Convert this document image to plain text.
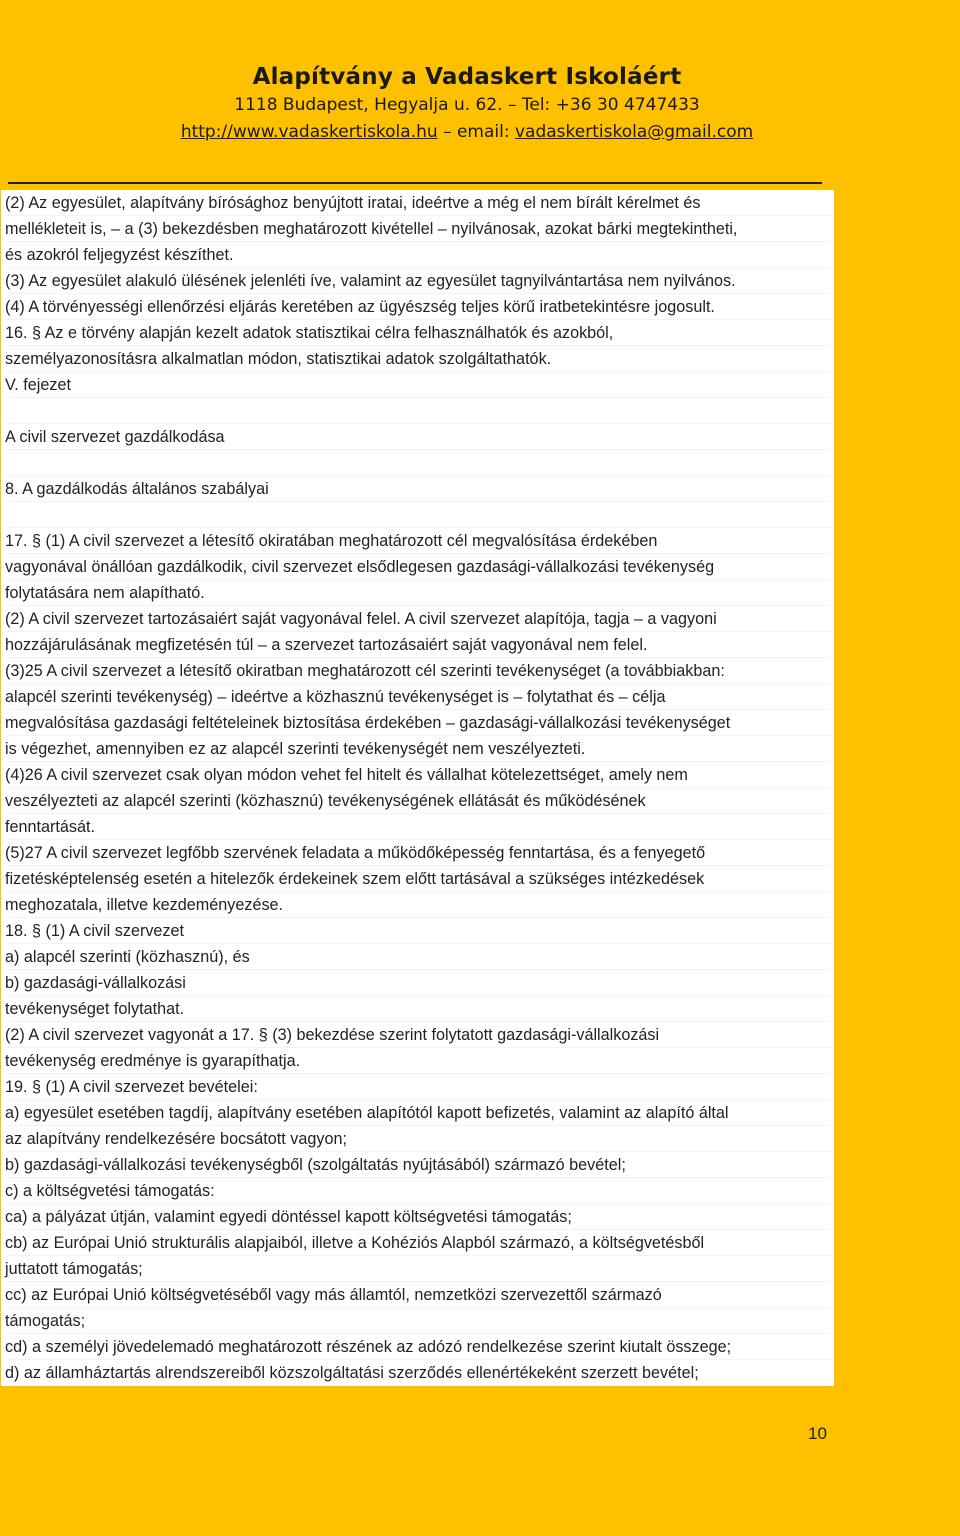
Alapítvány a Vadaskert Iskoláért
1118 Budapest, Hegyalja u. 62. – Tel: +36 30 4747433
http://www.vadaskertiskola.hu – email: vadaskertiskola@gmail.com
(2) Az egyesület, alapítvány bírósághoz benyújtott iratai, ideértve a még el nem bírált kérelmet és
mellékleteit is, – a (3) bekezdésben meghatározott kivétellel – nyilvánosak, azokat bárki megtekintheti,
és azokról feljegyzést készíthet.
(3) Az egyesület alakuló ülésének jelenléti íve, valamint az egyesület tagnyilvántartása nem nyilvános.
(4) A törvényességi ellenőrzési eljárás keretében az ügyészség teljes körű iratbetekintésre jogosult.
16. § Az e törvény alapján kezelt adatok statisztikai célra felhasználhatók és azokból,
személyazonosításra alkalmatlan módon, statisztikai adatok szolgáltathatók.
V. fejezet
A civil szervezet gazdálkodása
8. A gazdálkodás általános szabályai
17. § (1) A civil szervezet a létesítő okiratában meghatározott cél megvalósítása érdekében
vagyonával önállóan gazdálkodik, civil szervezet elsődlegesen gazdasági-vállalkozási tevékenység
folytatására nem alapítható.
(2) A civil szervezet tartozásaiért saját vagyonával felel. A civil szervezet alapítója, tagja – a vagyoni
hozzájárulásának megfizetésén túl – a szervezet tartozásaiért saját vagyonával nem felel.
(3)25 A civil szervezet a létesítő okiratban meghatározott cél szerinti tevékenységet (a továbbiakban:
alapcél szerinti tevékenység) – ideértve a közhasznú tevékenységet is – folytathat és – célja
megvalósítása gazdasági feltételeinek biztosítása érdekében – gazdasági-vállalkozási tevékenységet
is végezhet, amennyiben ez az alapcél szerinti tevékenységét nem veszélyezteti.
(4)26 A civil szervezet csak olyan módon vehet fel hitelt és vállalhat kötelezettséget, amely nem
veszélyezteti az alapcél szerinti (közhasznú) tevékenységének ellátását és működésének
fenntartását.
(5)27 A civil szervezet legfőbb szervének feladata a működőképesség fenntartása, és a fenyegető
fizetésképtelenség esetén a hitelezők érdekeinek szem előtt tartásával a szükséges intézkedések
meghozatala, illetve kezdeményezése.
18. § (1) A civil szervezet
a) alapcél szerinti (közhasznú), és
b) gazdasági-vállalkozási
tevékenységet folytathat.
(2) A civil szervezet vagyonát a 17. § (3) bekezdése szerint folytatott gazdasági-vállalkozási
tevékenység eredménye is gyarapíthatja.
19. § (1) A civil szervezet bevételei:
a) egyesület esetében tagdíj, alapítvány esetében alapítótól kapott befizetés, valamint az alapító által
az alapítvány rendelkezésére bocsátott vagyon;
b) gazdasági-vállalkozási tevékenységből (szolgáltatás nyújtásából) származó bevétel;
c) a költségvetési támogatás:
ca) a pályázat útján, valamint egyedi döntéssel kapott költségvetési támogatás;
cb) az Európai Unió strukturális alapjaiból, illetve a Kohéziós Alapból származó, a költségvetésből
juttatott támogatás;
cc) az Európai Unió költségvetéséből vagy más államtól, nemzetközi szervezettől származó
támogatás;
cd) a személyi jövedelemadó meghatározott részének az adózó rendelkezése szerint kiutalt összege;
d) az államháztartás alrendszereiből közszolgáltatási szerződés ellenértékeként szerzett bevétel;
10
